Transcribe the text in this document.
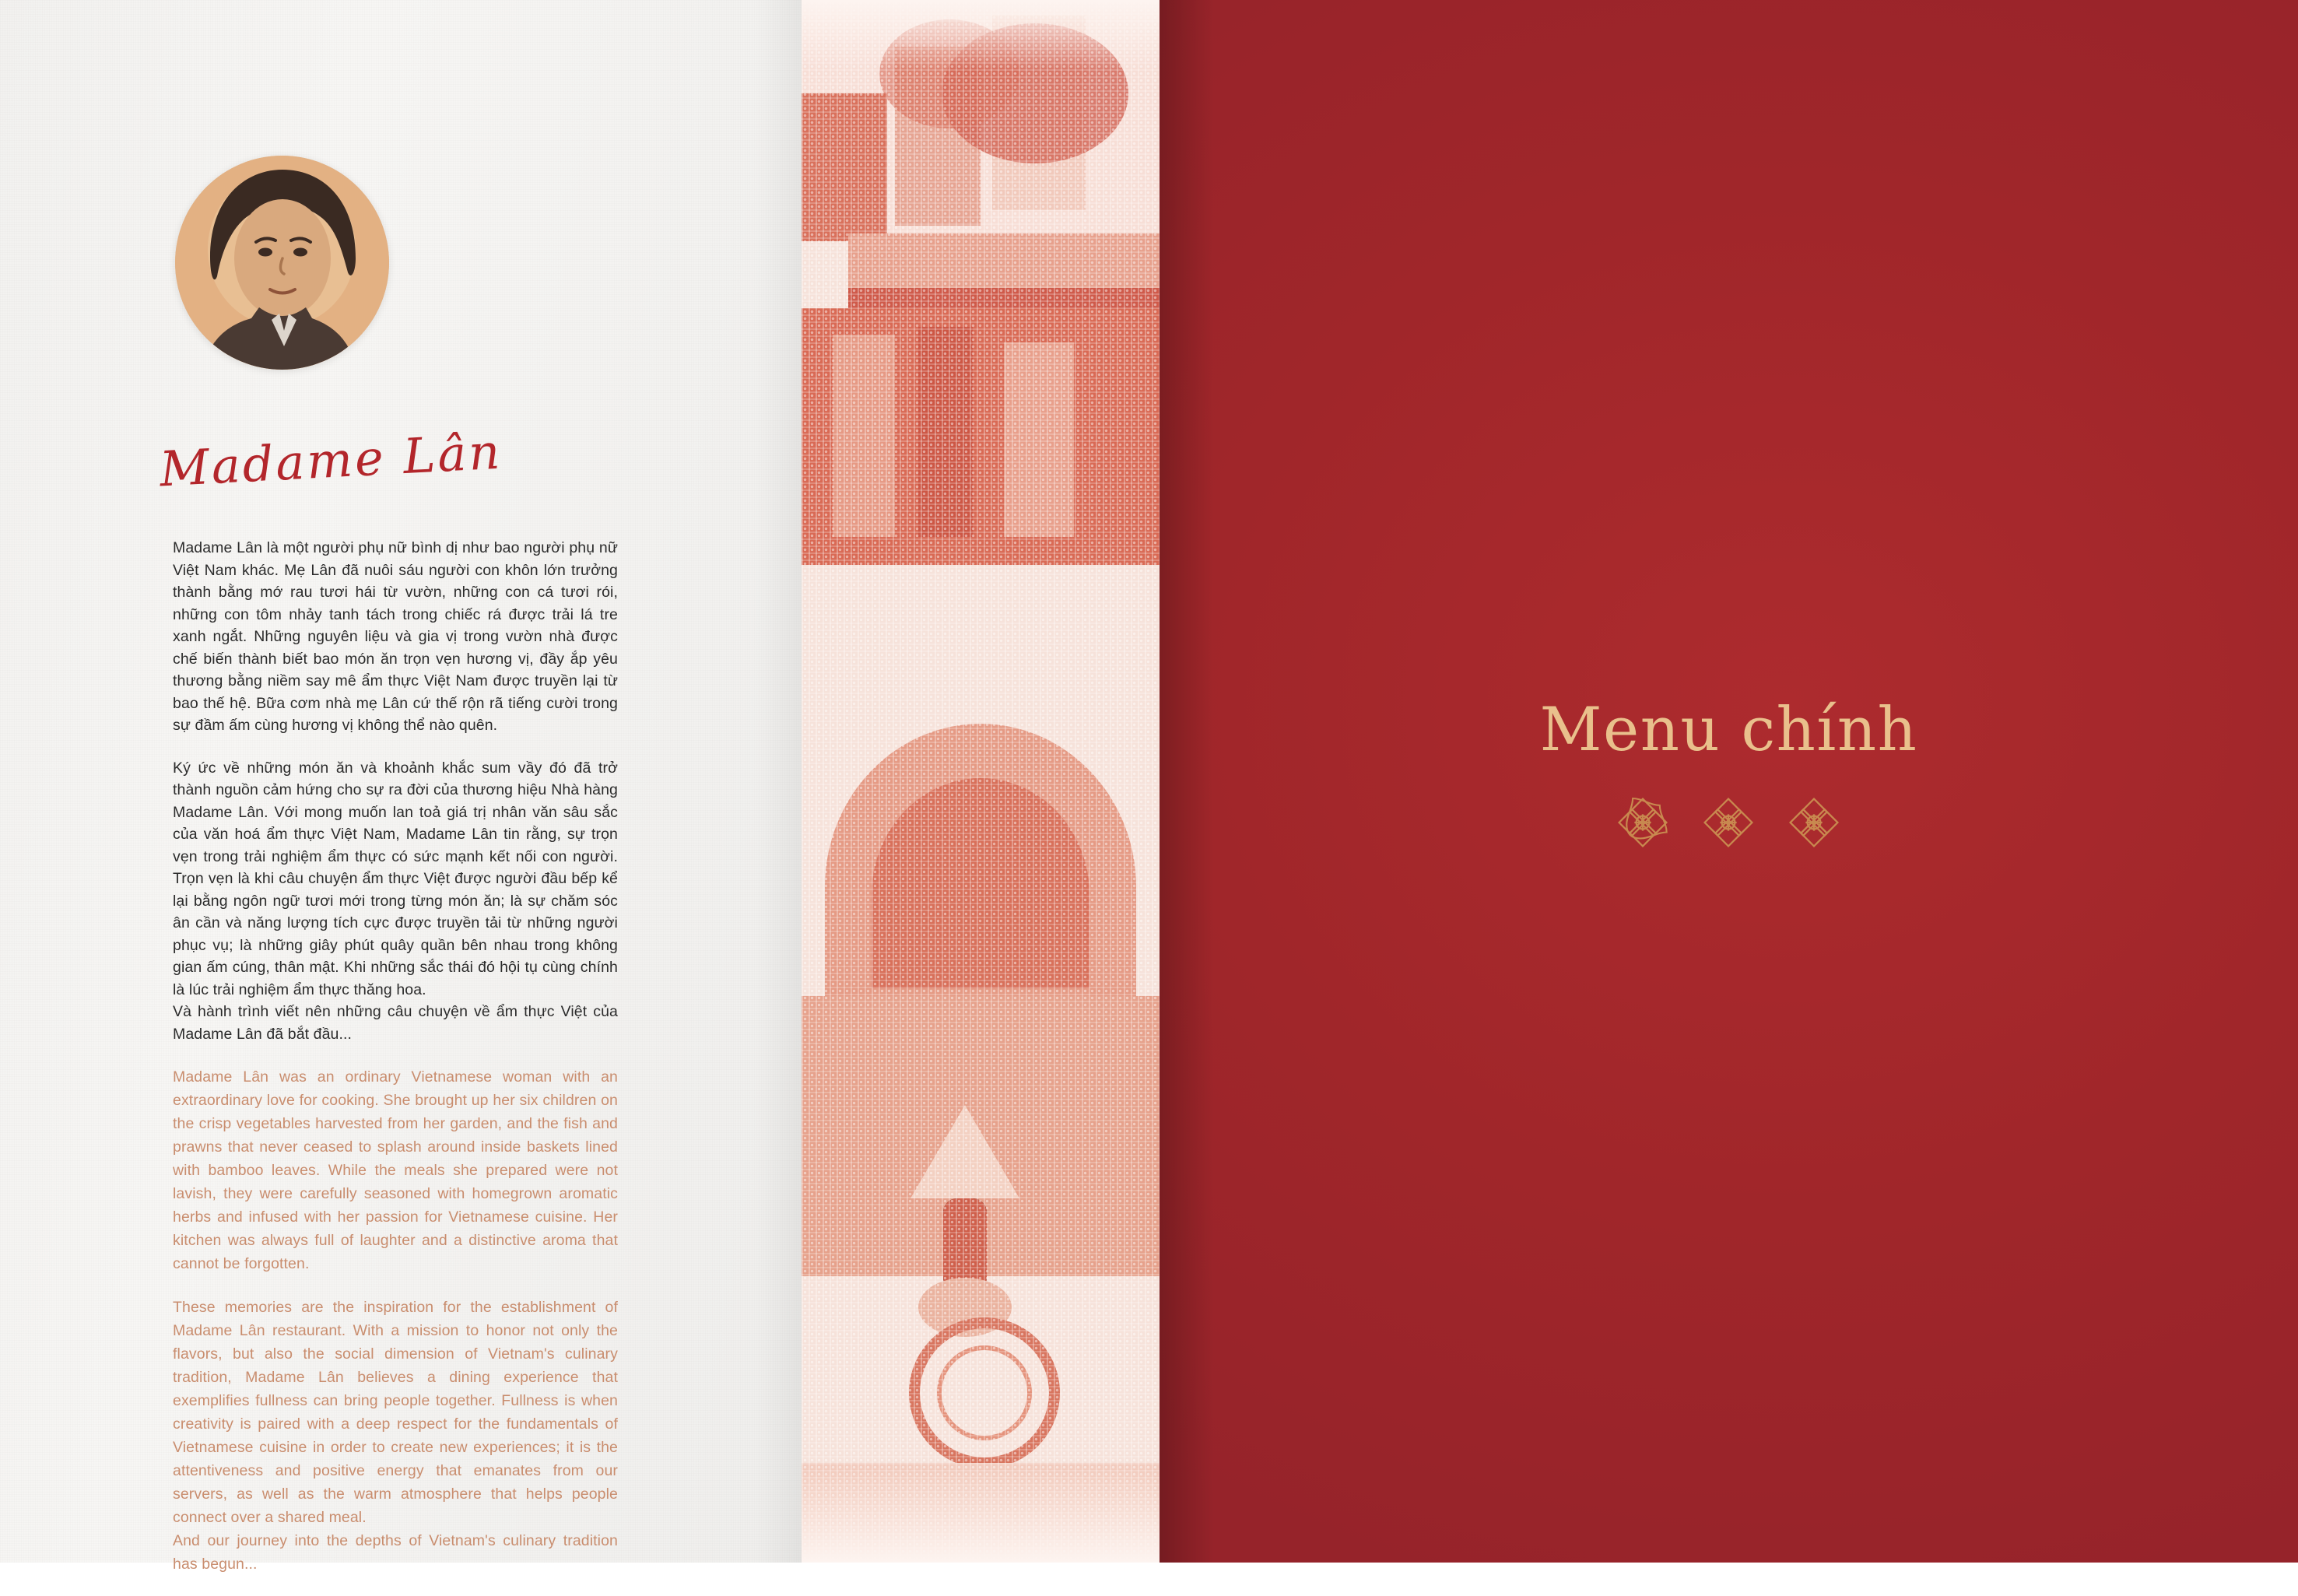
Madame Lân

Madame Lân là một người phụ nữ bình dị như bao người phụ nữ Việt Nam khác. Mẹ Lân đã nuôi sáu người con khôn lớn trưởng thành bằng mớ rau tươi hái từ vườn, những con cá tươi rói, những con tôm nhảy tanh tách trong chiếc rá được trải lá tre xanh ngắt. Những nguyên liệu và gia vị trong vườn nhà được chế biến thành biết bao món ăn trọn vẹn hương vị, đầy ắp yêu thương bằng niềm say mê ẩm thực Việt Nam được truyền lại từ bao thế hệ. Bữa cơm nhà mẹ Lân cứ thế rộn rã tiếng cười trong sự đầm ấm cùng hương vị không thể nào quên.

Ký ức về những món ăn và khoảnh khắc sum vầy đó đã trở thành nguồn cảm hứng cho sự ra đời của thương hiệu Nhà hàng Madame Lân. Với mong muốn lan toả giá trị nhân văn sâu sắc của văn hoá ẩm thực Việt Nam, Madame Lân tin rằng, sự trọn vẹn trong trải nghiệm ẩm thực có sức mạnh kết nối con người. Trọn vẹn là khi câu chuyện ẩm thực Việt được người đầu bếp kể lại bằng ngôn ngữ tươi mới trong từng món ăn; là sự chăm sóc ân cần và năng lượng tích cực được truyền tải từ những người phục vụ; là những giây phút quây quần bên nhau trong không gian ấm cúng, thân mật. Khi những sắc thái đó hội tụ cùng chính là lúc trải nghiệm ẩm thực thăng hoa.

Và hành trình viết nên những câu chuyện về ẩm thực Việt của Madame Lân đã bắt đầu...

Madame Lân was an ordinary Vietnamese woman with an extraordinary love for cooking. She brought up her six children on the crisp vegetables harvested from her garden, and the fish and prawns that never ceased to splash around inside baskets lined with bamboo leaves. While the meals she prepared were not lavish, they were carefully seasoned with homegrown aromatic herbs and infused with her passion for Vietnamese cuisine. Her kitchen was always full of laughter and a distinctive aroma that cannot be forgotten.

These memories are the inspiration for the establishment of Madame Lân restaurant. With a mission to honor not only the flavors, but also the social dimension of Vietnam's culinary tradition, Madame Lân believes a dining experience that exemplifies fullness can bring people together. Fullness is when creativity is paired with a deep respect for the fundamentals of Vietnamese cuisine in order to create new experiences; it is the attentiveness and positive energy that emanates from our servers, as well as the warm atmosphere that helps people connect over a shared meal.

And our journey into the depths of Vietnam's culinary tradition has begun...

Menu chính
